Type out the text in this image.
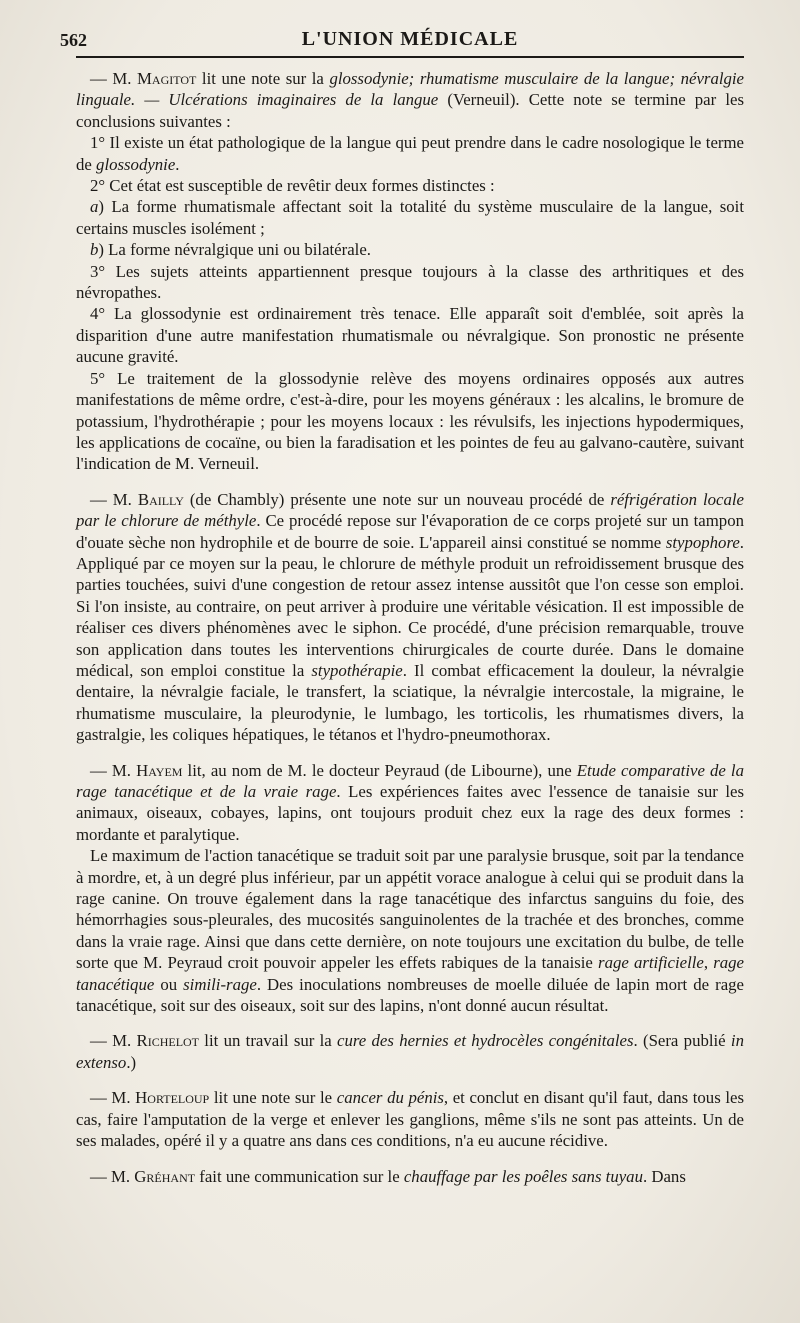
562	L'UNION MÉDICALE

— M. Magitot lit une note sur la glossodynie; rhumatisme musculaire de la langue; névralgie linguale. — Ulcérations imaginaires de la langue (Verneuil). Cette note se termine par les conclusions suivantes :

1° Il existe un état pathologique de la langue qui peut prendre dans le cadre nosologique le terme de glossodynie.

2° Cet état est susceptible de revêtir deux formes distinctes :

a) La forme rhumatismale affectant soit la totalité du système musculaire de la langue, soit certains muscles isolément ;

b) La forme névralgique uni ou bilatérale.

3° Les sujets atteints appartiennent presque toujours à la classe des arthritiques et des névropathes.

4° La glossodynie est ordinairement très tenace. Elle apparaît soit d'emblée, soit après la disparition d'une autre manifestation rhumatismale ou névralgique. Son pronostic ne présente aucune gravité.

5° Le traitement de la glossodynie relève des moyens ordinaires opposés aux autres manifestations de même ordre, c'est-à-dire, pour les moyens généraux : les alcalins, le bromure de potassium, l'hydrothérapie ; pour les moyens locaux : les révulsifs, les injections hypodermiques, les applications de cocaïne, ou bien la faradisation et les pointes de feu au galvano-cautère, suivant l'indication de M. Verneuil.

— M. Bailly (de Chambly) présente une note sur un nouveau procédé de réfrigération locale par le chlorure de méthyle. Ce procédé repose sur l'évaporation de ce corps projeté sur un tampon d'ouate sèche non hydrophile et de bourre de soie. L'appareil ainsi constitué se nomme stypophore. Appliqué par ce moyen sur la peau, le chlorure de méthyle produit un refroidissement brusque des parties touchées, suivi d'une congestion de retour assez intense aussitôt que l'on cesse son emploi. Si l'on insiste, au contraire, on peut arriver à produire une véritable vésication. Il est impossible de réaliser ces divers phénomènes avec le siphon. Ce procédé, d'une précision remarquable, trouve son application dans toutes les interventions chirurgicales de courte durée. Dans le domaine médical, son emploi constitue la stypothérapie. Il combat efficacement la douleur, la névralgie dentaire, la névralgie faciale, le transfert, la sciatique, la névralgie intercostale, la migraine, le rhumatisme musculaire, la pleurodynie, le lumbago, les torticolis, les rhumatismes divers, la gastralgie, les coliques hépatiques, le tétanos et l'hydro-pneumothorax.

— M. Hayem lit, au nom de M. le docteur Peyraud (de Libourne), une Etude comparative de la rage tanacétique et de la vraie rage. Les expériences faites avec l'essence de tanaisie sur les animaux, oiseaux, cobayes, lapins, ont toujours produit chez eux la rage des deux formes : mordante et paralytique.

Le maximum de l'action tanacétique se traduit soit par une paralysie brusque, soit par la tendance à mordre, et, à un degré plus inférieur, par un appétit vorace analogue à celui qui se produit dans la rage canine. On trouve également dans la rage tanacétique des infarctus sanguins du foie, des hémorrhagies sous-pleurales, des mucosités sanguinolentes de la trachée et des bronches, comme dans la vraie rage. Ainsi que dans cette dernière, on note toujours une excitation du bulbe, de telle sorte que M. Peyraud croit pouvoir appeler les effets rabiques de la tanaisie rage artificielle, rage tanacétique ou simili-rage. Des inoculations nombreuses de moelle diluée de lapin mort de rage tanacétique, soit sur des oiseaux, soit sur des lapins, n'ont donné aucun résultat.

— M. Richelot lit un travail sur la cure des hernies et hydrocèles congénitales. (Sera publié in extenso.)

— M. Horteloup lit une note sur le cancer du pénis, et conclut en disant qu'il faut, dans tous les cas, faire l'amputation de la verge et enlever les ganglions, même s'ils ne sont pas atteints. Un de ses malades, opéré il y a quatre ans dans ces conditions, n'a eu aucune récidive.

— M. Gréhant fait une communication sur le chauffage par les poêles sans tuyau. Dans
